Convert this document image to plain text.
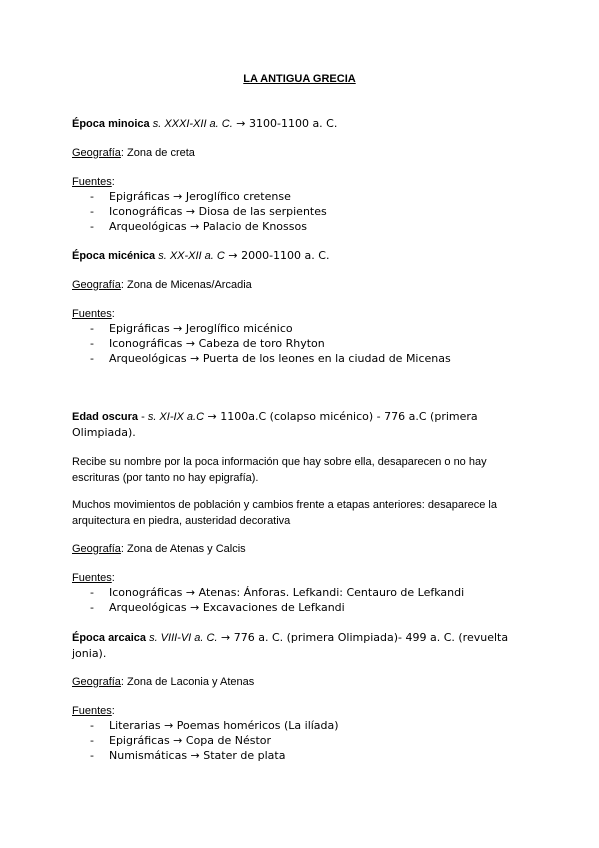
LA ANTIGUA GRECIA
Época minoica s. XXXI-XII a. C. → 3100-1100 a. C.
Geografía: Zona de creta
Fuentes:
- Epigráficas → Jeroglífico cretense
- Iconográficas → Diosa de las serpientes
- Arqueológicas → Palacio de Knossos
Época micénica s. XX-XII a. C → 2000-1100 a. C.
Geografía: Zona de Micenas/Arcadia
Fuentes:
- Epigráficas → Jeroglífico micénico
- Iconográficas → Cabeza de toro Rhyton
- Arqueológicas → Puerta de los leones en la ciudad de Micenas
Edad oscura - s. XI-IX a.C → 1100a.C (colapso micénico) - 776 a.C (primera Olimpiada).
Recibe su nombre por la poca información que hay sobre ella, desaparecen o no hay escrituras (por tanto no hay epigrafía).
Muchos movimientos de población y cambios frente a etapas anteriores: desaparece la arquitectura en piedra, austeridad decorativa
Geografía: Zona de Atenas y Calcis
Fuentes:
- Iconográficas → Atenas: Ánforas. Lefkandi: Centauro de Lefkandi
- Arqueológicas → Excavaciones de Lefkandi
Época arcaica s. VIII-VI a. C. → 776 a. C. (primera Olimpiada)- 499 a. C. (revuelta jonia).
Geografía: Zona de Laconia y Atenas
Fuentes:
- Literarias → Poemas homéricos (La ilíada)
- Epigráficas → Copa de Néstor
- Numismáticas → Stater de plata
